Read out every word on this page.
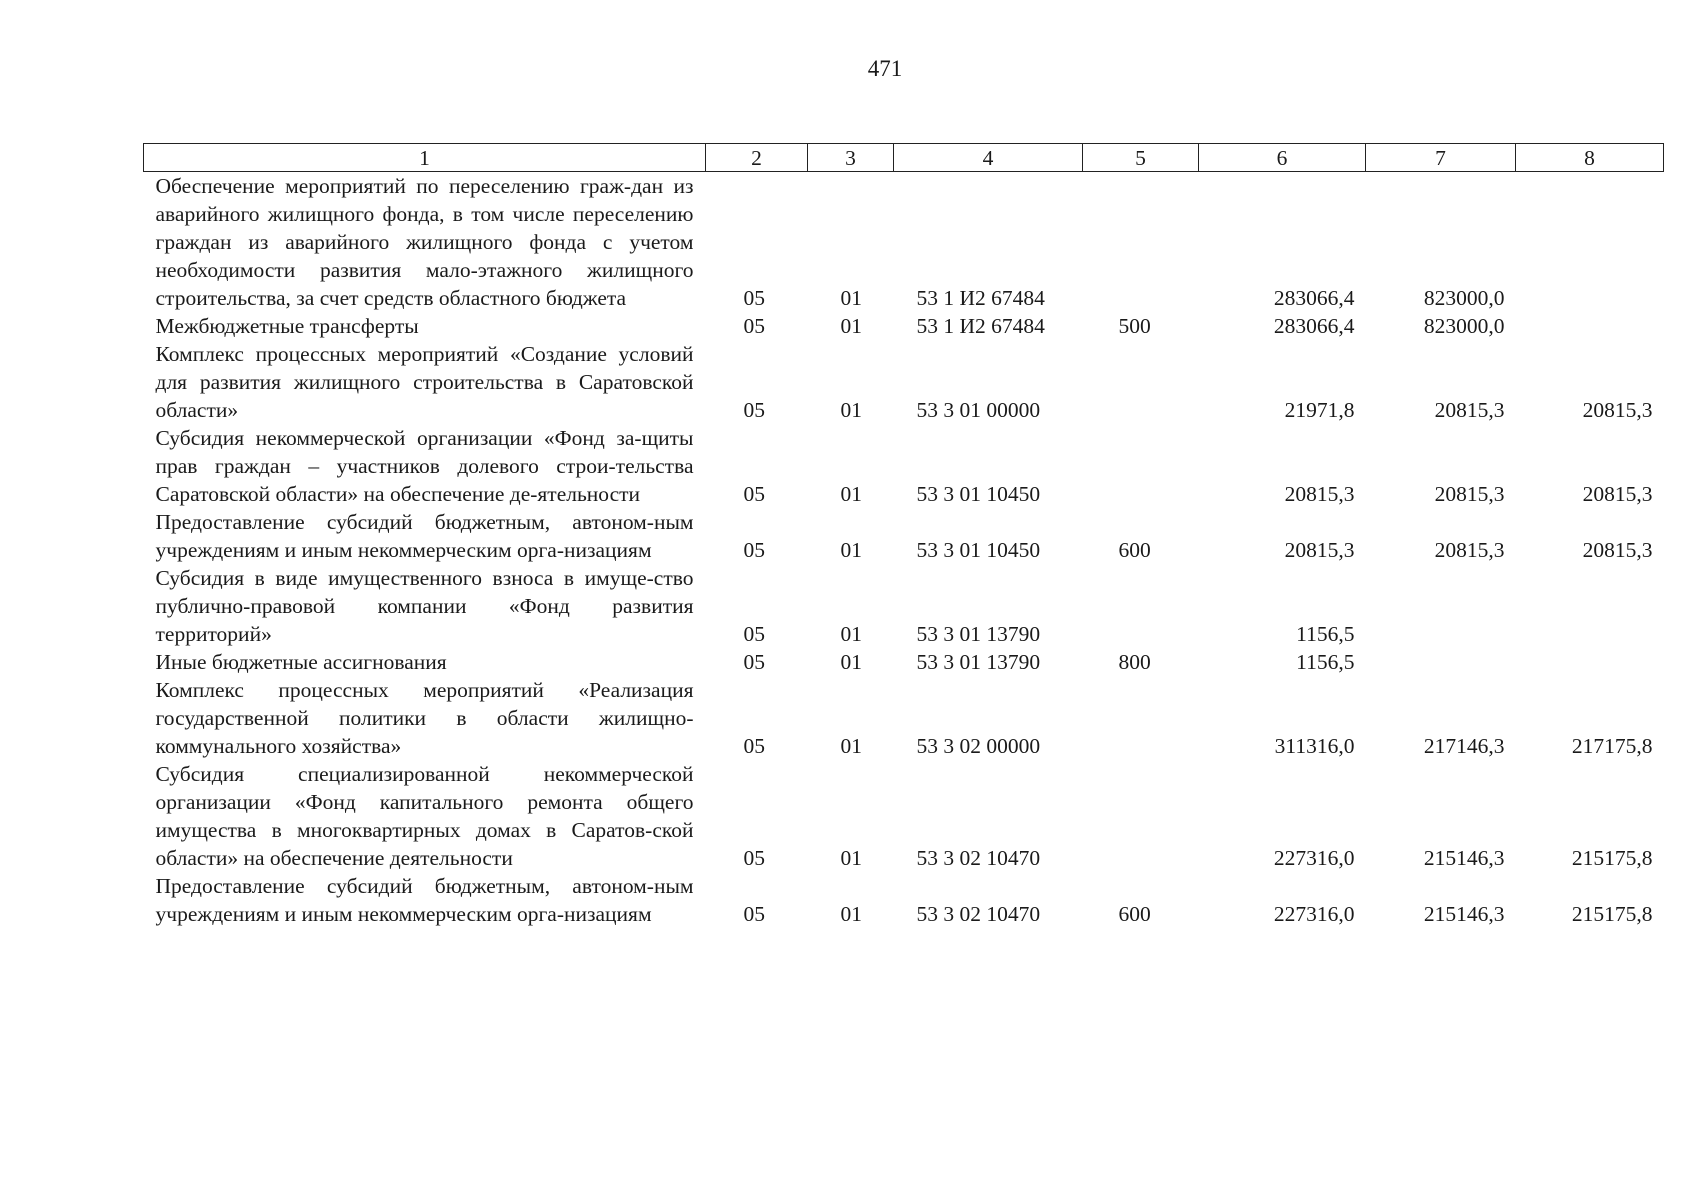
471
1	2	3	4	5	6	7	8
Обеспечение мероприятий по переселению граж-дан из аварийного жилищного фонда, в том числе переселению граждан из аварийного жилищного фонда с учетом необходимости развития мало-этажного жилищного строительства, за счет средств областного бюджета	05	01	53 1 И2 67484		283066,4	823000,0	
Межбюджетные трансферты	05	01	53 1 И2 67484	500	283066,4	823000,0	
Комплекс процессных мероприятий «Создание условий для развития жилищного строительства в Саратовской области»	05	01	53 3 01 00000		21971,8	20815,3	20815,3
Субсидия некоммерческой организации «Фонд за-щиты прав граждан – участников долевого строи-тельства Саратовской области» на обеспечение де-ятельности	05	01	53 3 01 10450		20815,3	20815,3	20815,3
Предоставление субсидий бюджетным, автоном-ным учреждениям и иным некоммерческим орга-низациям	05	01	53 3 01 10450	600	20815,3	20815,3	20815,3
Субсидия в виде имущественного взноса в имуще-ство публично-правовой компании «Фонд развития территорий»	05	01	53 3 01 13790		1156,5		
Иные бюджетные ассигнования	05	01	53 3 01 13790	800	1156,5		
Комплекс процессных мероприятий «Реализация государственной политики в области жилищно-коммунального хозяйства»	05	01	53 3 02 00000		311316,0	217146,3	217175,8
Субсидия специализированной некоммерческой организации «Фонд капитального ремонта общего имущества в многоквартирных домах в Саратов-ской области» на обеспечение деятельности	05	01	53 3 02 10470		227316,0	215146,3	215175,8
Предоставление субсидий бюджетным, автоном-ным учреждениям и иным некоммерческим орга-низациям	05	01	53 3 02 10470	600	227316,0	215146,3	215175,8
